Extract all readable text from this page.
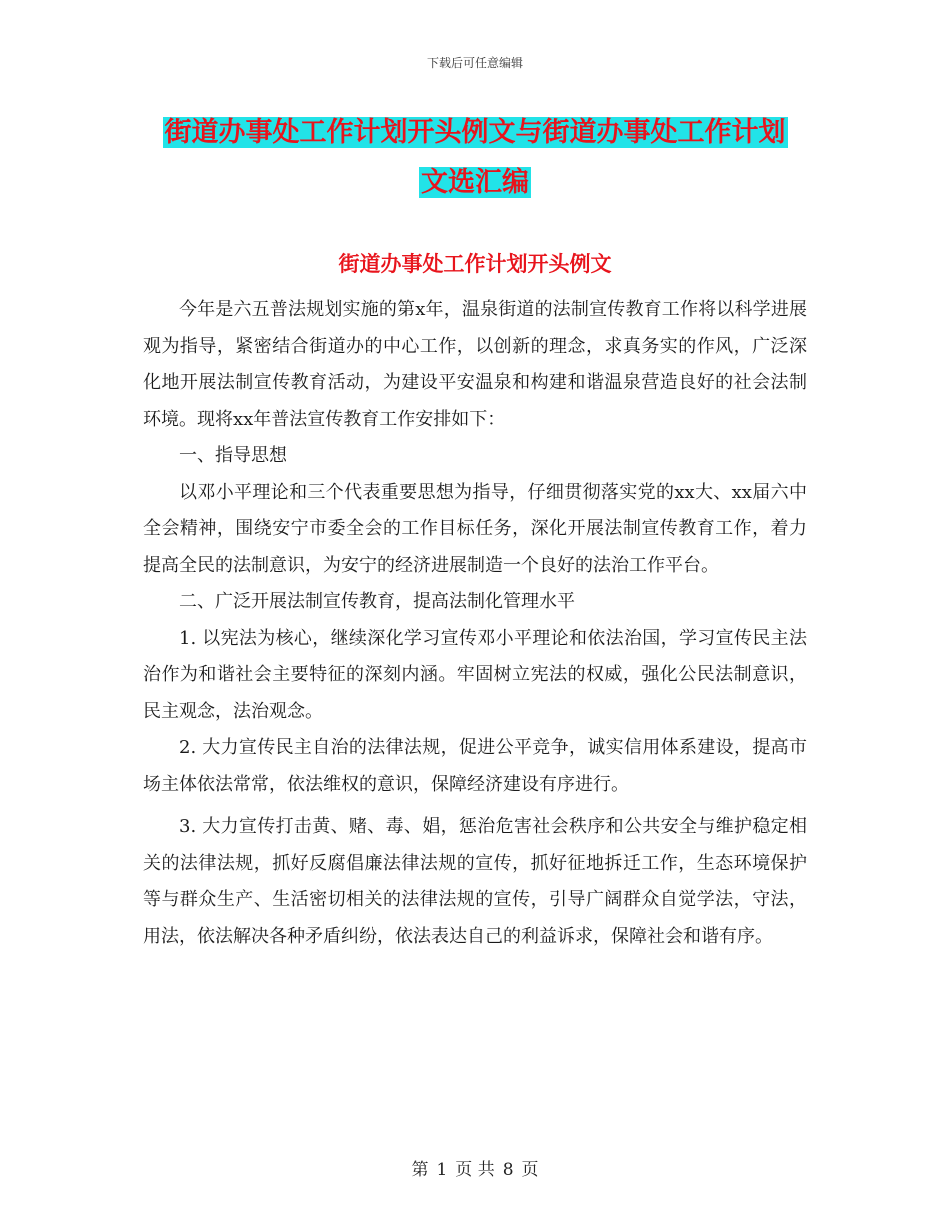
下载后可任意编辑
街道办事处工作计划开头例文与街道办事处工作计划
文选汇编
街道办事处工作计划开头例文

今年是六五普法规划实施的第x年，温泉街道的法制宣传教育工作将以科学进展观为指导，紧密结合街道办的中心工作，以创新的理念，求真务实的作风，广泛深化地开展法制宣传教育活动，为建设平安温泉和构建和谐温泉营造良好的社会法制环境。现将xx年普法宣传教育工作安排如下：

一、指导思想

以邓小平理论和三个代表重要思想为指导，仔细贯彻落实党的xx大、xx届六中全会精神，围绕安宁市委全会的工作目标任务，深化开展法制宣传教育工作，着力提高全民的法制意识，为安宁的经济进展制造一个良好的法治工作平台。

二、广泛开展法制宣传教育，提高法制化管理水平

1. 以宪法为核心，继续深化学习宣传邓小平理论和依法治国，学习宣传民主法治作为和谐社会主要特征的深刻内涵。牢固树立宪法的权威，强化公民法制意识，民主观念，法治观念。

2. 大力宣传民主自治的法律法规，促进公平竞争，诚实信用体系建设，提高市场主体依法常常，依法维权的意识，保障经济建设有序进行。

3. 大力宣传打击黄、赌、毒、娼，惩治危害社会秩序和公共安全与维护稳定相关的法律法规，抓好反腐倡廉法律法规的宣传，抓好征地拆迁工作，生态环境保护等与群众生产、生活密切相关的法律法规的宣传，引导广阔群众自觉学法，守法，用法，依法解决各种矛盾纠纷，依法表达自己的利益诉求，保障社会和谐有序。

第 1 页 共 8 页
